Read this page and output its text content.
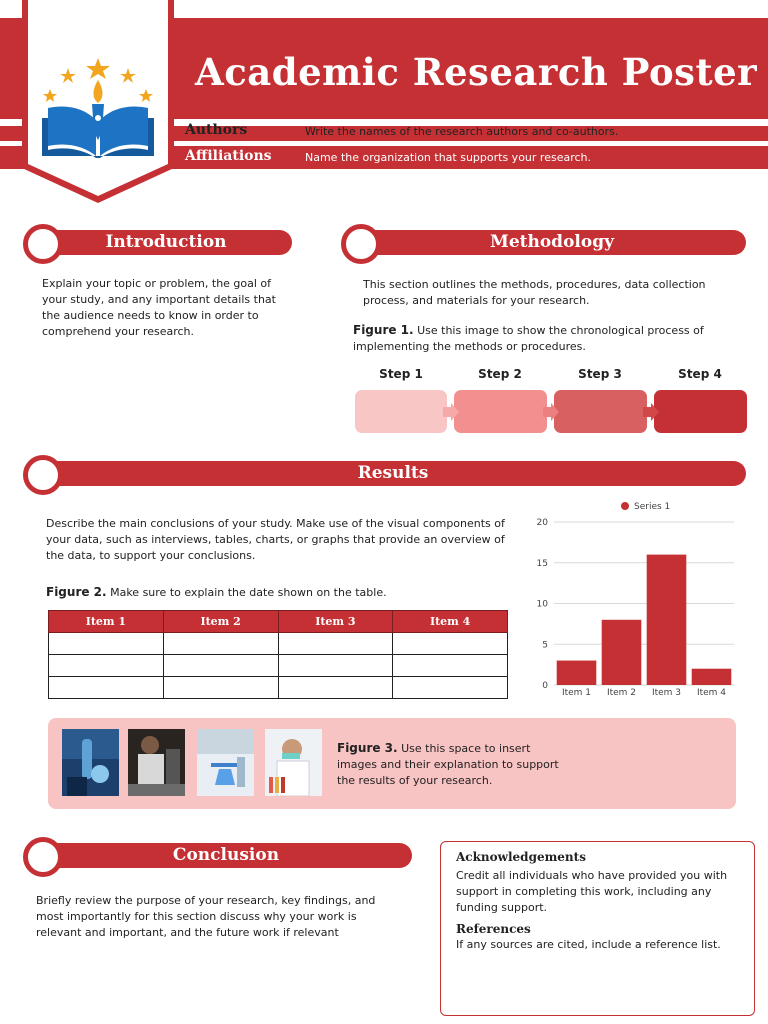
Academic Research Poster
Authors	Write the names of the research authors and co-authors.
Affiliations	Name the organization that supports your research.
Introduction
Explain your topic or problem, the goal of your study, and any important details that the audience needs to know in order to comprehend your research.
Methodology
This section outlines the methods, procedures, data collection process, and materials for your research.
Figure 1. Use this image to show the chronological process of implementing the methods or procedures.
Step 1	Step 2	Step 3	Step 4
Results
Describe the main conclusions of your study. Make use of the visual components of your data, such as interviews, tables, charts, or graphs that provide an overview of the data, to support your conclusions.
Figure 2. Make sure to explain the date shown on the table.
Item 1	Item 2	Item 3	Item 4

0
5
10
15
20
Item 1 Item 2 Item 3 Item 4
Series 1
Figure 3. Use this space to insert images and their explanation to support the results of your research.
Conclusion
Briefly review the purpose of your research, key findings, and most importantly for this section discuss why your work is relevant and important, and the future work if relevant
Acknowledgements
Credit all individuals who have provided you with support in completing this work, including any funding support.
References
If any sources are cited, include a reference list.
